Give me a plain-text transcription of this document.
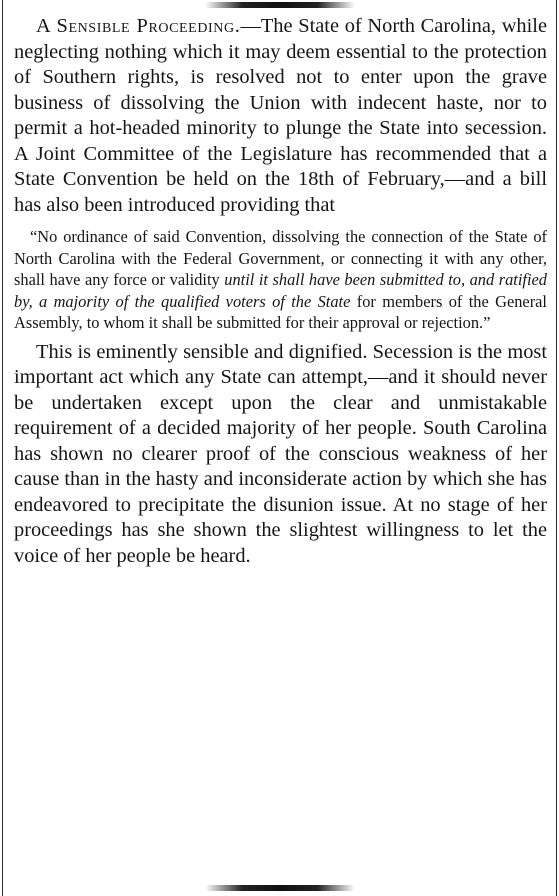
A Sensible Proceeding.—The State of North Carolina, while neglecting nothing which it may deem essential to the protection of Southern rights, is resolved not to enter upon the grave business of dissolving the Union with indecent haste, nor to permit a hot-headed minority to plunge the State into secession. A Joint Committee of the Legislature has recommended that a State Convention be held on the 18th of February,—and a bill has also been introduced providing that

“No ordinance of said Convention, dissolving the connection of the State of North Carolina with the Federal Government, or connecting it with any other, shall have any force or validity until it shall have been submitted to, and ratified by, a majority of the qualified voters of the State for members of the General Assembly, to whom it shall be submitted for their approval or rejection.”

This is eminently sensible and dignified. Secession is the most important act which any State can attempt,—and it should never be undertaken except upon the clear and unmistakable requirement of a decided majority of her people. South Carolina has shown no clearer proof of the conscious weakness of her cause than in the hasty and inconsiderate action by which she has endeavored to precipitate the disunion issue. At no stage of her proceedings has she shown the slightest willingness to let the voice of her people be heard.
